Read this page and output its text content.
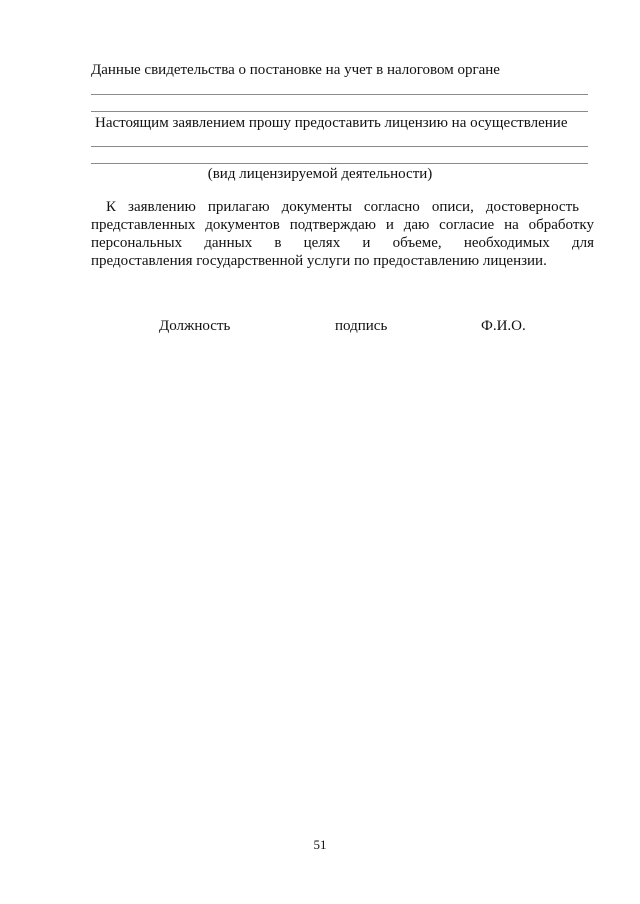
Данные свидетельства о постановке на учет в налоговом органе
Настоящим заявлением прошу предоставить лицензию на осуществление
(вид лицензируемой деятельности)
К заявлению прилагаю документы согласно описи, достоверность
представленных документов подтверждаю и даю согласие на обработку
персональных данных в целях и объеме, необходимых для
предоставления государственной услуги по предоставлению лицензии.
Должность	подпись	Ф.И.О.
51
